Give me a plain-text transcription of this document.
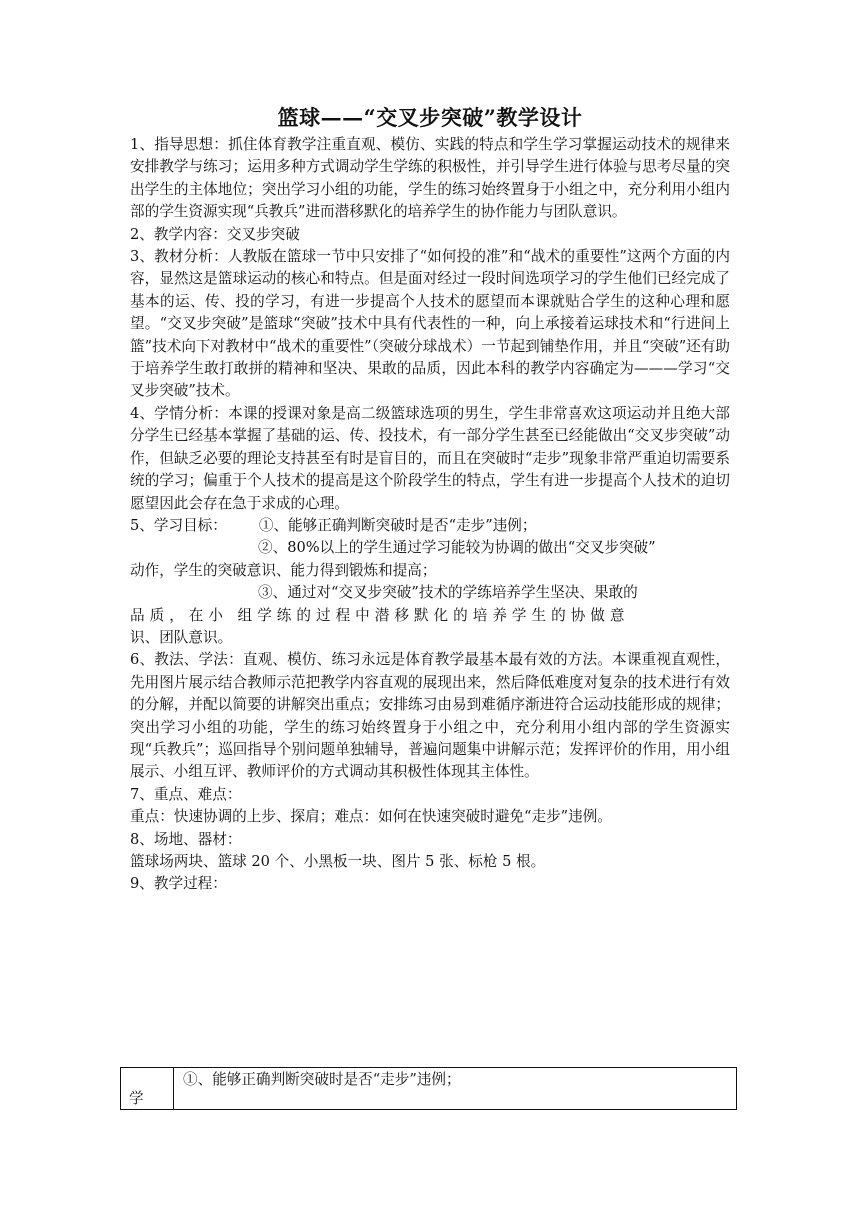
篮球——“交叉步突破”教学设计

1、指导思想：抓住体育教学注重直观、模仿、实践的特点和学生学习掌握运动技术的规律来安排教学与练习；运用多种方式调动学生学练的积极性，并引导学生进行体验与思考尽量的突出学生的主体地位；突出学习小组的功能，学生的练习始终置身于小组之中，充分利用小组内部的学生资源实现“兵教兵”进而潜移默化的培养学生的协作能力与团队意识。

2、教学内容：交叉步突破

3、教材分析：人教版在篮球一节中只安排了“如何投的准”和“战术的重要性”这两个方面的内容，显然这是篮球运动的核心和特点。但是面对经过一段时间选项学习的学生他们已经完成了基本的运、传、投的学习，有进一步提高个人技术的愿望而本课就贴合学生的这种心理和愿望。“交叉步突破”是篮球“突破”技术中具有代表性的一种，向上承接着运球技术和“行进间上篮”技术向下对教材中“战术的重要性”（突破分球战术）一节起到铺垫作用，并且“突破”还有助于培养学生敢打敢拼的精神和坚决、果敢的品质，因此本科的教学内容确定为———学习“交叉步突破”技术。

4、学情分析：本课的授课对象是高二级篮球选项的男生，学生非常喜欢这项运动并且绝大部分学生已经基本掌握了基础的运、传、投技术，有一部分学生甚至已经能做出“交叉步突破”动作，但缺乏必要的理论支持甚至有时是盲目的，而且在突破时“走步”现象非常严重迫切需要系统的学习；偏重于个人技术的提高是这个阶段学生的特点，学生有进一步提高个人技术的迫切愿望因此会存在急于求成的心理。

5、学习目标： ①、能够正确判断突破时是否“走步”违例；

②、80%以上的学生通过学习能较为协调的做出“交叉步突破”

动作，学生的突破意识、能力得到锻炼和提高；

③、通过对“交叉步突破”技术的学练培养学生坚决、果敢的

品质，在小 组学练的过程中潜移默化的培养学生的协做意

识、团队意识。

6、教法、学法：直观、模仿、练习永远是体育教学最基本最有效的方法。本课重视直观性，先用图片展示结合教师示范把教学内容直观的展现出来，然后降低难度对复杂的技术进行有效的分解，并配以简要的讲解突出重点；安排练习由易到难循序渐进符合运动技能形成的规律；突出学习小组的功能，学生的练习始终置身于小组之中，充分利用小组内部的学生资源实现“兵教兵”；巡回指导个别问题单独辅导，普遍问题集中讲解示范；发挥评价的作用，用小组展示、小组互评、教师评价的方式调动其积极性体现其主体性。

7、重点、难点：

重点：快速协调的上步、探肩；难点：如何在快速突破时避免“走步”违例。

8、场地、器材：

篮球场两块、篮球 20 个、小黑板一块、图片 5 张、标枪 5 根。

9、教学过程：

学
①、能够正确判断突破时是否“走步”违例；
